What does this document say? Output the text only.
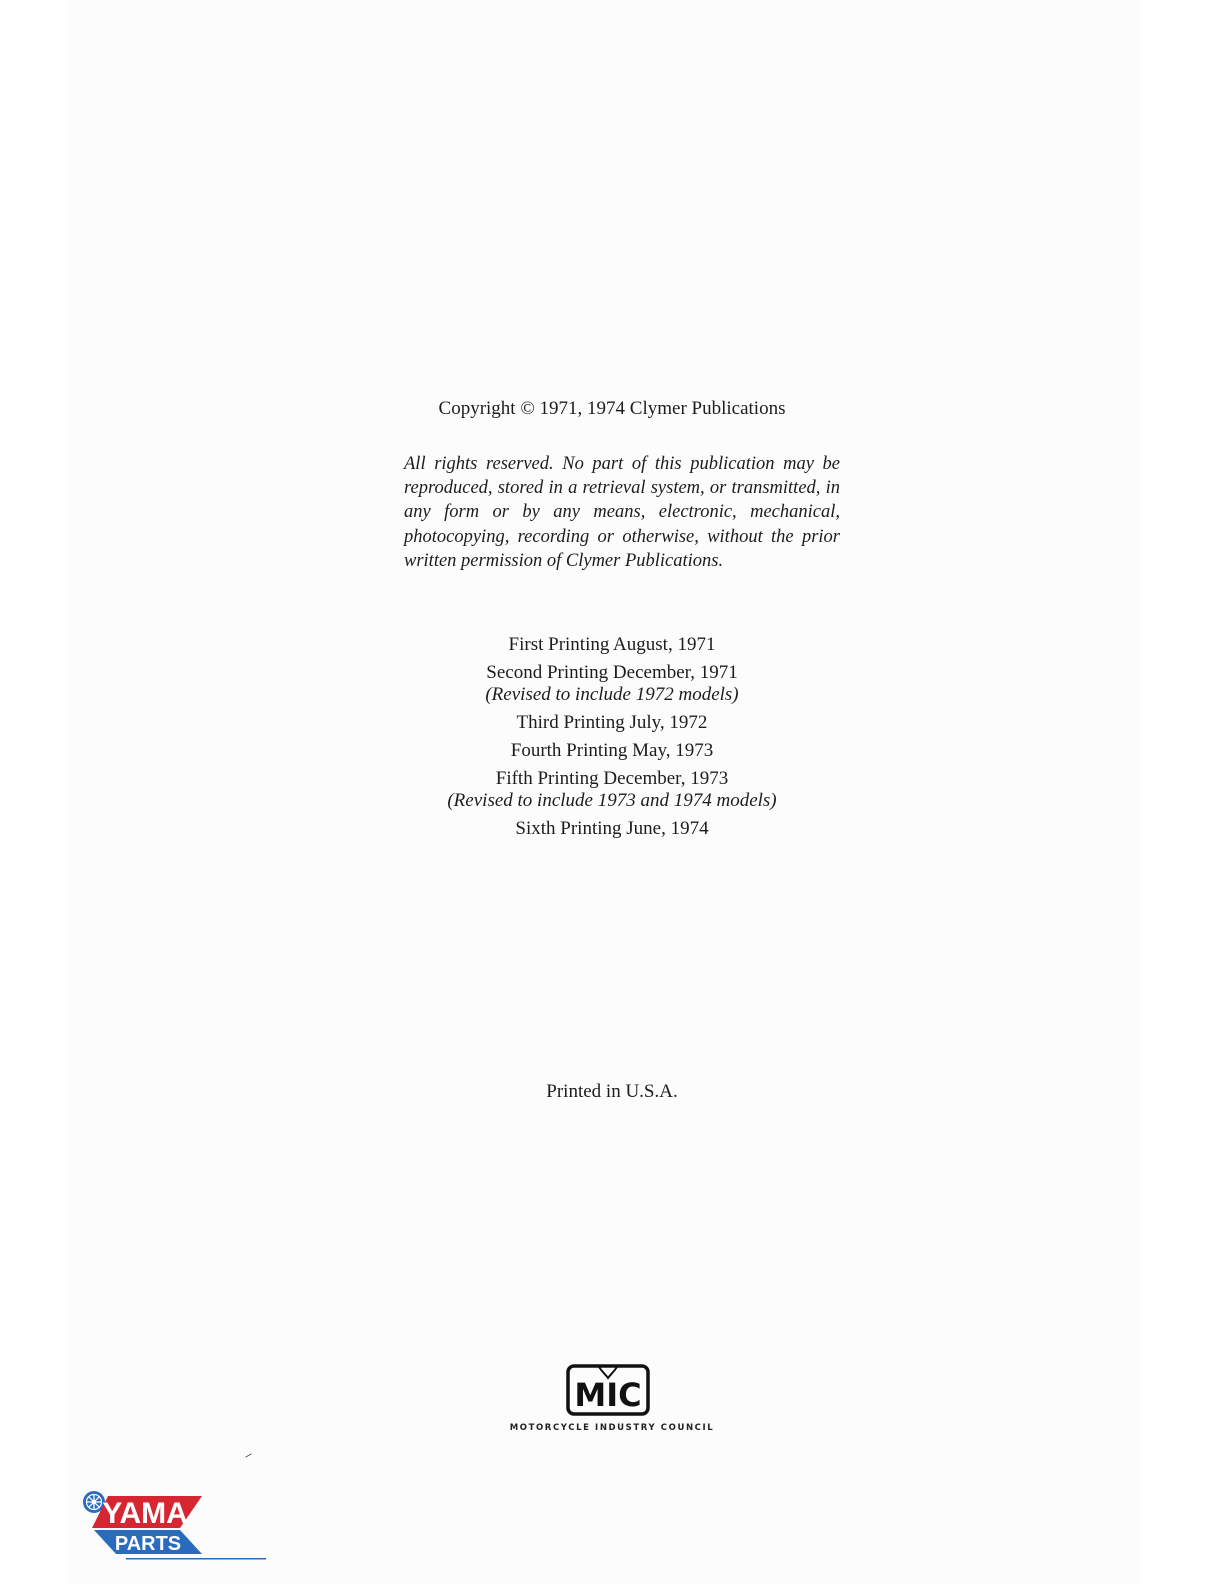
Copyright © 1971, 1974 Clymer Publications
All rights reserved. No part of this publication may be reproduced, stored in a retrieval system, or transmitted, in any form or by any means, electronic, mechanical, photocopying, recording or otherwise, without the prior written permission of Clymer Publications.
First Printing August, 1971
Second Printing December, 1971
(Revised to include 1972 models)
Third Printing July, 1972
Fourth Printing May, 1973
Fifth Printing December, 1973
(Revised to include 1973 and 1974 models)
Sixth Printing June, 1974
Printed in U.S.A.
MIC
MOTORCYCLE INDUSTRY COUNCIL
YAMA
PARTS
